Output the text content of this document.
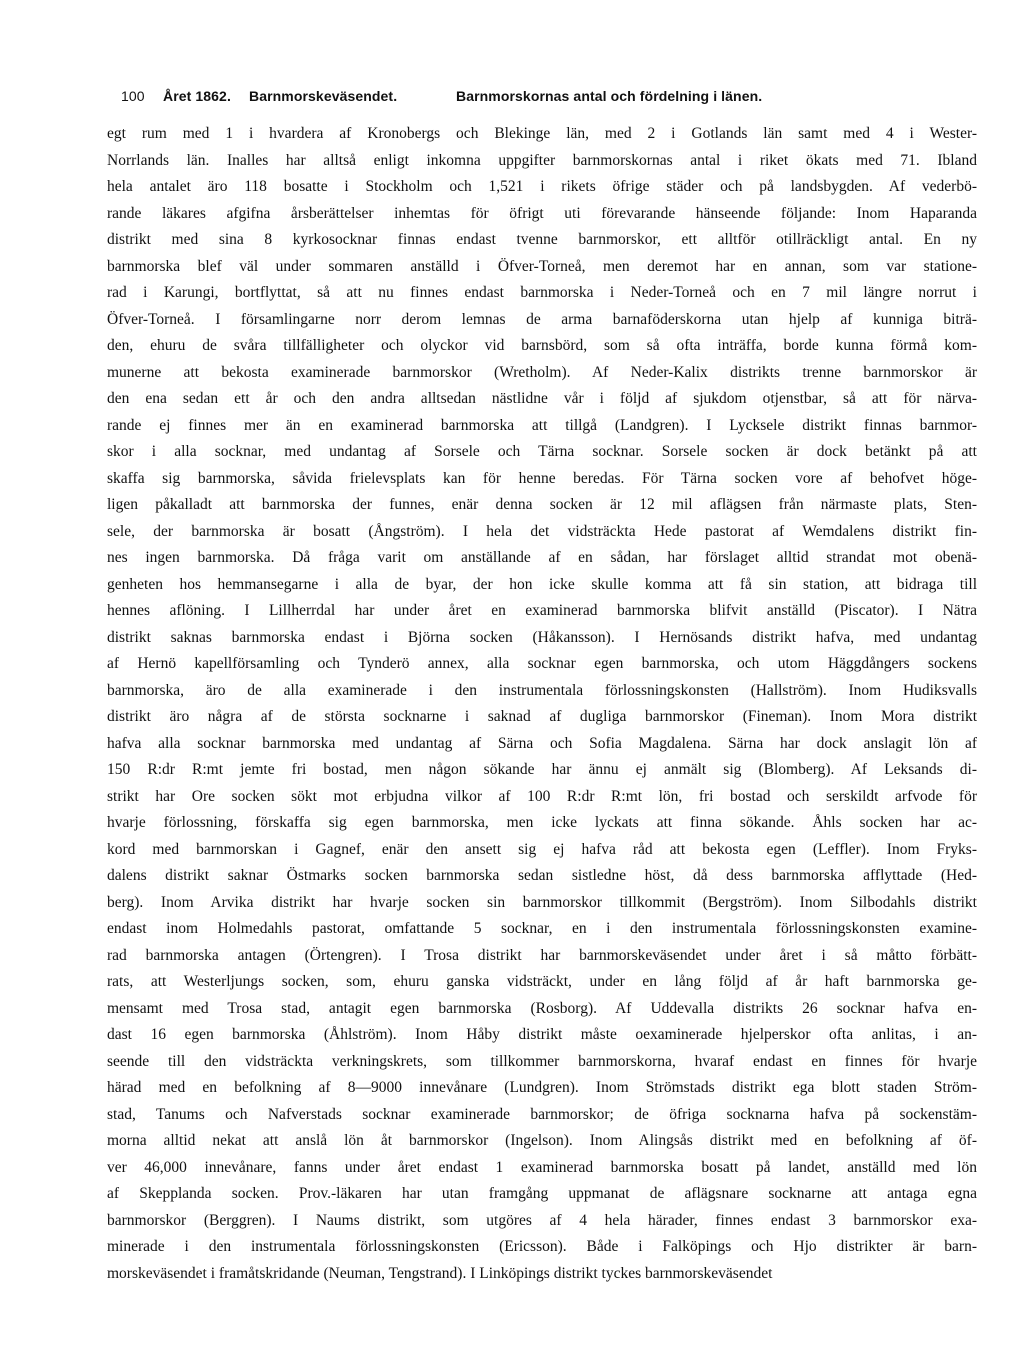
100 Året 1862. Barnmorskeväsendet.	Barnmorskornas antal och fördelning i länen.
egt rum med 1 i hvardera af Kronobergs och Blekinge län, med 2 i Gotlands län samt med 4 i Wester-
Norrlands län. Inalles har alltså enligt inkomna uppgifter barnmorskornas antal i riket ökats med 71. Ibland
hela antalet äro 118 bosatte i Stockholm och 1,521 i rikets öfrige städer och på landsbygden. Af vederbö-
rande läkares afgifna årsberättelser inhemtas för öfrigt uti förevarande hänseende följande: Inom Haparanda
distrikt med sina 8 kyrkosocknar finnas endast tvenne barnmorskor, ett alltför otillräckligt antal. En ny
barnmorska blef väl under sommaren anställd i Öfver-Torneå, men deremot har en annan, som var statione-
rad i Karungi, bortflyttat, så att nu finnes endast barnmorska i Neder-Torneå och en 7 mil längre norrut i
Öfver-Torneå. I församlingarne norr derom lemnas de arma barnaföderskorna utan hjelp af kunniga biträ-
den, ehuru de svåra tillfälligheter och olyckor vid barnsbörd, som så ofta inträffa, borde kunna förmå kom-
munerne att bekosta examinerade barnmorskor (Wretholm). Af Neder-Kalix distrikts trenne barnmorskor är
den ena sedan ett år och den andra alltsedan nästlidne vår i följd af sjukdom otjenstbar, så att för närva-
rande ej finnes mer än en examinerad barnmorska att tillgå (Landgren). I Lycksele distrikt finnas barnmor-
skor i alla socknar, med undantag af Sorsele och Tärna socknar. Sorsele socken är dock betänkt på att
skaffa sig barnmorska, såvida frielevsplats kan för henne beredas. För Tärna socken vore af behofvet höge-
ligen påkalladt att barnmorska der funnes, enär denna socken är 12 mil aflägsen från närmaste plats, Sten-
sele, der barnmorska är bosatt (Ångström). I hela det vidsträckta Hede pastorat af Wemdalens distrikt fin-
nes ingen barnmorska. Då fråga varit om anställande af en sådan, har förslaget alltid strandat mot obenä-
genheten hos hemmansegarne i alla de byar, der hon icke skulle komma att få sin station, att bidraga till
hennes aflöning. I Lillherrdal har under året en examinerad barnmorska blifvit anställd (Piscator). I Nätra
distrikt saknas barnmorska endast i Björna socken (Håkansson). I Hernösands distrikt hafva, med undantag
af Hernö kapellförsamling och Tynderö annex, alla socknar egen barnmorska, och utom Häggdångers sockens
barnmorska, äro de alla examinerade i den instrumentala förlossningskonsten (Hallström). Inom Hudiksvalls
distrikt äro några af de största socknarne i saknad af dugliga barnmorskor (Fineman). Inom Mora distrikt
hafva alla socknar barnmorska med undantag af Särna och Sofia Magdalena. Särna har dock anslagit lön af
150 R:dr R:mt jemte fri bostad, men någon sökande har ännu ej anmält sig (Blomberg). Af Leksands di-
strikt har Ore socken sökt mot erbjudna vilkor af 100 R:dr R:mt lön, fri bostad och serskildt arfvode för
hvarje förlossning, förskaffa sig egen barnmorska, men icke lyckats att finna sökande. Åhls socken har ac-
kord med barnmorskan i Gagnef, enär den ansett sig ej hafva råd att bekosta egen (Leffler). Inom Fryks-
dalens distrikt saknar Östmarks socken barnmorska sedan sistledne höst, då dess barnmorska afflyttade (Hed-
berg). Inom Arvika distrikt har hvarje socken sin barnmorskor tillkommit (Bergström). Inom Silbodahls distrikt
endast inom Holmedahls pastorat, omfattande 5 socknar, en i den instrumentala förlossningskonsten examine-
rad barnmorska antagen (Örtengren). I Trosa distrikt har barnmorskeväsendet under året i så måtto förbätt-
rats, att Westerljungs socken, som, ehuru ganska vidsträckt, under en lång följd af år haft barnmorska ge-
mensamt med Trosa stad, antagit egen barnmorska (Rosborg). Af Uddevalla distrikts 26 socknar hafva en-
dast 16 egen barnmorska (Åhlström). Inom Håby distrikt måste oexaminerade hjelperskor ofta anlitas, i an-
seende till den vidsträckta verkningskrets, som tillkommer barnmorskorna, hvaraf endast en finnes för hvarje
härad med en befolkning af 8—9000 innevånare (Lundgren). Inom Strömstads distrikt ega blott staden Ström-
stad, Tanums och Nafverstads socknar examinerade barnmorskor; de öfriga socknarna hafva på sockenstäm-
morna alltid nekat att anslå lön åt barnmorskor (Ingelson). Inom Alingsås distrikt med en befolkning af öf-
ver 46,000 innevånare, fanns under året endast 1 examinerad barnmorska bosatt på landet, anställd med lön
af Skepplanda socken. Prov.-läkaren har utan framgång uppmanat de aflägsnare socknarne att antaga egna
barnmorskor (Berggren). I Naums distrikt, som utgöres af 4 hela härader, finnes endast 3 barnmorskor exa-
minerade i den instrumentala förlossningskonsten (Ericsson). Både i Falköpings och Hjo distrikter är barn-
morskeväsendet i framåtskridande (Neuman, Tengstrand). I Linköpings distrikt tyckes barnmorskeväsendet
